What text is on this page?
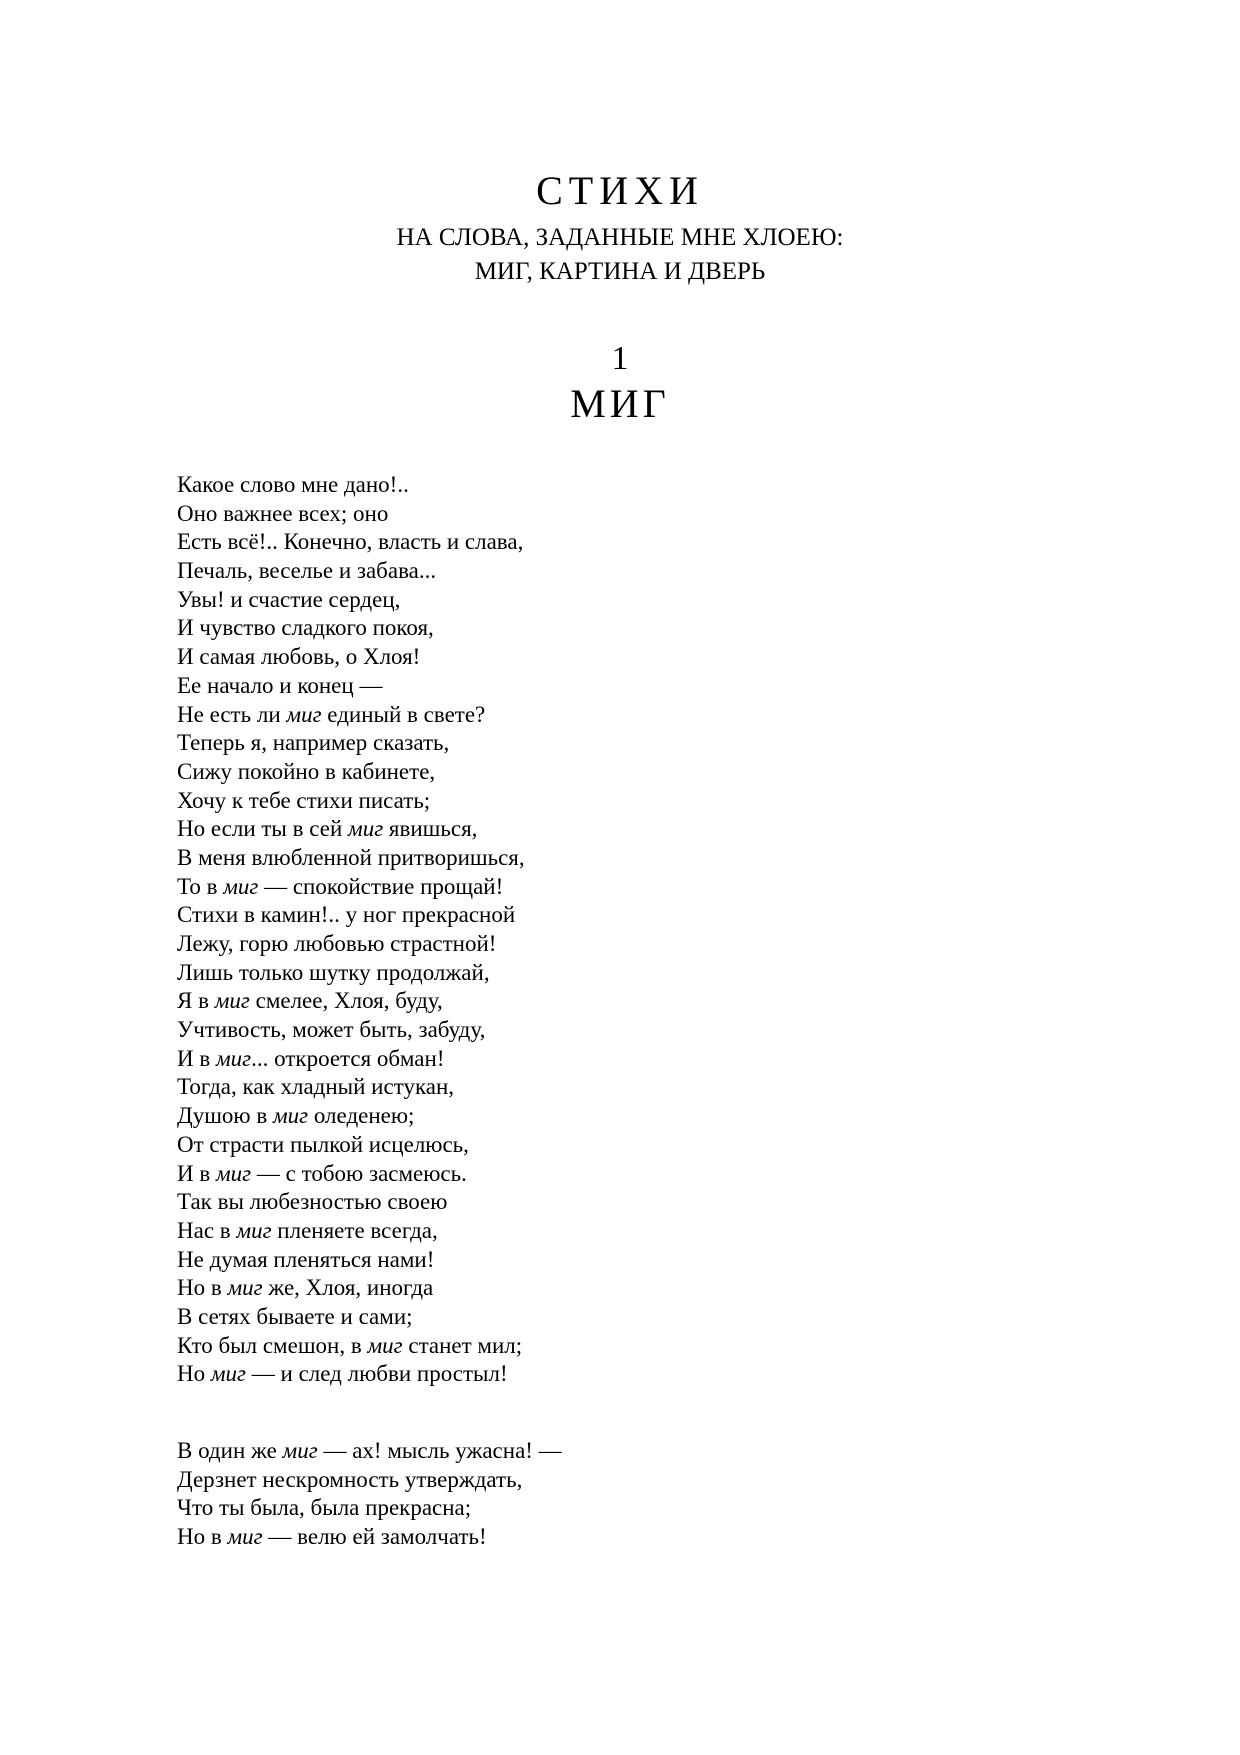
СТИХИ
НА СЛОВА, ЗАДАННЫЕ МНЕ ХЛОЕЮ:
МИГ, КАРТИНА И ДВЕРЬ
1
МИГ
Какое слово мне дано!..
Оно важнее всех; оно
Есть всё!.. Конечно, власть и слава,
Печаль, веселье и забава...
Увы! и счастие сердец,
И чувство сладкого покоя,
И самая любовь, о Хлоя!
Ее начало и конец —
Не есть ли миг единый в свете?
Теперь я, например сказать,
Сижу покойно в кабинете,
Хочу к тебе стихи писать;
Но если ты в сей миг явишься,
В меня влюбленной притворишься,
То в миг — спокойствие прощай!
Стихи в камин!.. у ног прекрасной
Лежу, горю любовью страстной!
Лишь только шутку продолжай,
Я в миг смелее, Хлоя, буду,
Учтивость, может быть, забуду,
И в миг... откроется обман!
Тогда, как хладный истукан,
Душою в миг оледенею;
От страсти пылкой исцелюсь,
И в миг — с тобою засмеюсь.
Так вы любезностью своею
Нас в миг пленяете всегда,
Не думая пленяться нами!
Но в миг же, Хлоя, иногда
В сетях бываете и сами;
Кто был смешон, в миг станет мил;
Но миг — и след любви простыл!
В один же миг — ах! мысль ужасна! —
Дерзнет нескромность утверждать,
Что ты была, была прекрасна;
Но в миг — велю ей замолчать!
